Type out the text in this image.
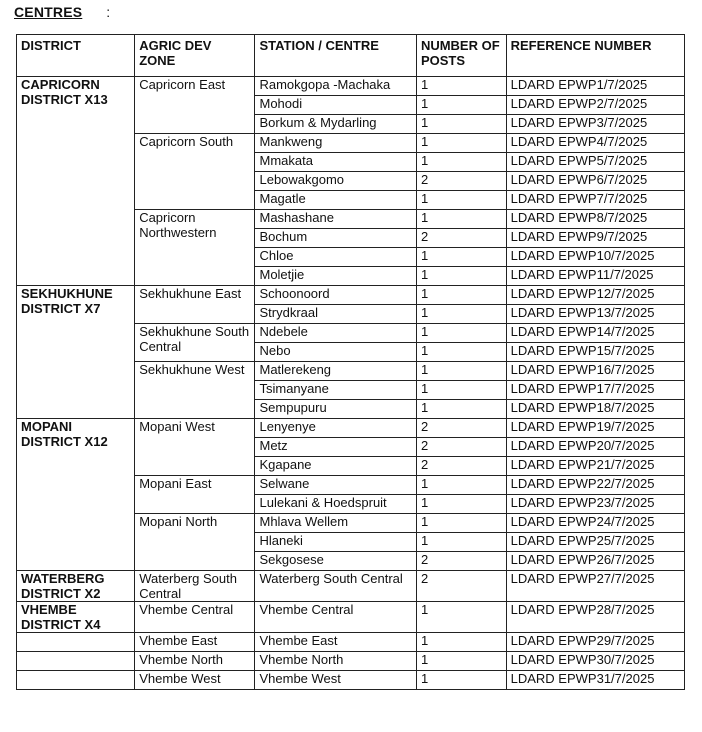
CENTRES :
DISTRICT	AGRIC DEV ZONE	STATION / CENTRE	NUMBER OF POSTS	REFERENCE NUMBER
CAPRICORN DISTRICT X13	Capricorn East	Ramokgopa -Machaka	1	LDARD EPWP1/7/2025
		Mohodi	1	LDARD EPWP2/7/2025
		Borkum & Mydarling	1	LDARD EPWP3/7/2025
	Capricorn South	Mankweng	1	LDARD EPWP4/7/2025
		Mmakata	1	LDARD EPWP5/7/2025
		Lebowakgomo	2	LDARD EPWP6/7/2025
		Magatle	1	LDARD EPWP7/7/2025
	Capricorn Northwestern	Mashashane	1	LDARD EPWP8/7/2025
		Bochum	2	LDARD EPWP9/7/2025
		Chloe	1	LDARD EPWP10/7/2025
		Moletjie	1	LDARD EPWP11/7/2025
SEKHUKHUNE DISTRICT X7	Sekhukhune East	Schoonoord	1	LDARD EPWP12/7/2025
		Strydkraal	1	LDARD EPWP13/7/2025
	Sekhukhune South Central	Ndebele	1	LDARD EPWP14/7/2025
		Nebo	1	LDARD EPWP15/7/2025
	Sekhukhune West	Matlerekeng	1	LDARD EPWP16/7/2025
		Tsimanyane	1	LDARD EPWP17/7/2025
		Sempupuru	1	LDARD EPWP18/7/2025
MOPANI DISTRICT X12	Mopani West	Lenyenye	2	LDARD EPWP19/7/2025
		Metz	2	LDARD EPWP20/7/2025
		Kgapane	2	LDARD EPWP21/7/2025
	Mopani East	Selwane	1	LDARD EPWP22/7/2025
		Lulekani & Hoedspruit	1	LDARD EPWP23/7/2025
	Mopani North	Mhlava Wellem	1	LDARD EPWP24/7/2025
		Hlaneki	1	LDARD EPWP25/7/2025
		Sekgosese	2	LDARD EPWP26/7/2025
WATERBERG DISTRICT X2	Waterberg South Central	Waterberg South Central	2	LDARD EPWP27/7/2025
VHEMBE DISTRICT X4	Vhembe Central	Vhembe Central	1	LDARD EPWP28/7/2025
	Vhembe East	Vhembe East	1	LDARD EPWP29/7/2025
	Vhembe North	Vhembe North	1	LDARD EPWP30/7/2025
	Vhembe West	Vhembe West	1	LDARD EPWP31/7/2025
